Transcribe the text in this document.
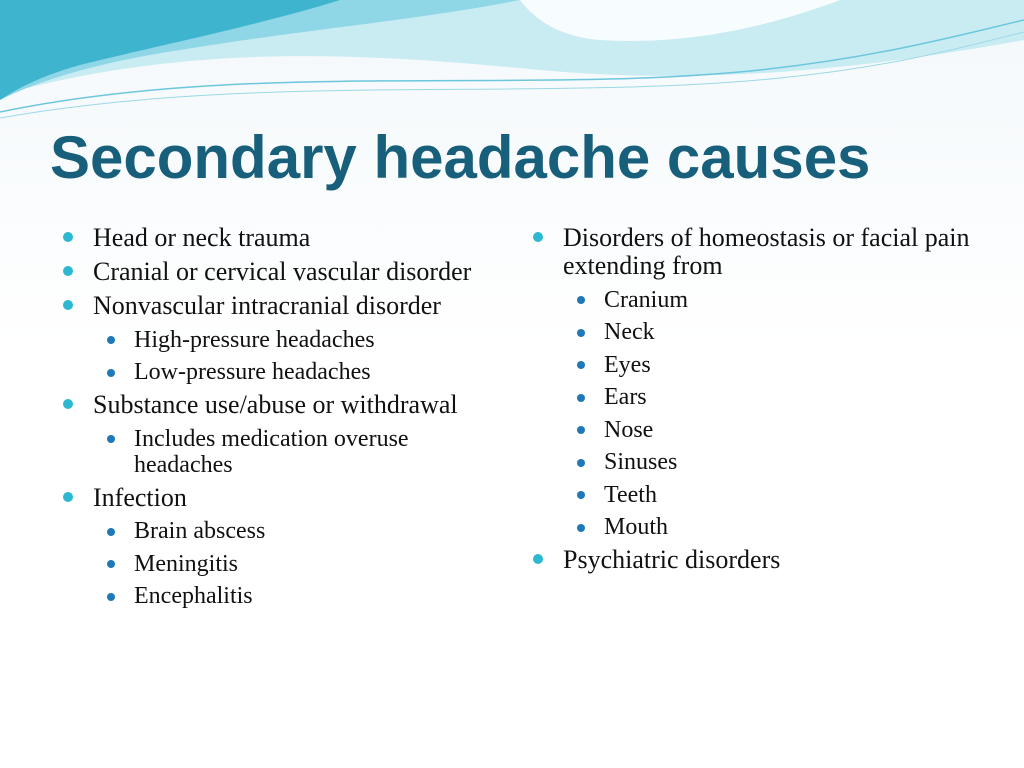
Secondary headache causes
Head or neck trauma
Cranial or cervical vascular disorder
Nonvascular intracranial disorder
High-pressure headaches
Low-pressure headaches
Substance use/abuse or withdrawal
Includes medication overuse headaches
Infection
Brain abscess
Meningitis
Encephalitis
Disorders of homeostasis or facial pain extending from
Cranium
Neck
Eyes
Ears
Nose
Sinuses
Teeth
Mouth
Psychiatric disorders
